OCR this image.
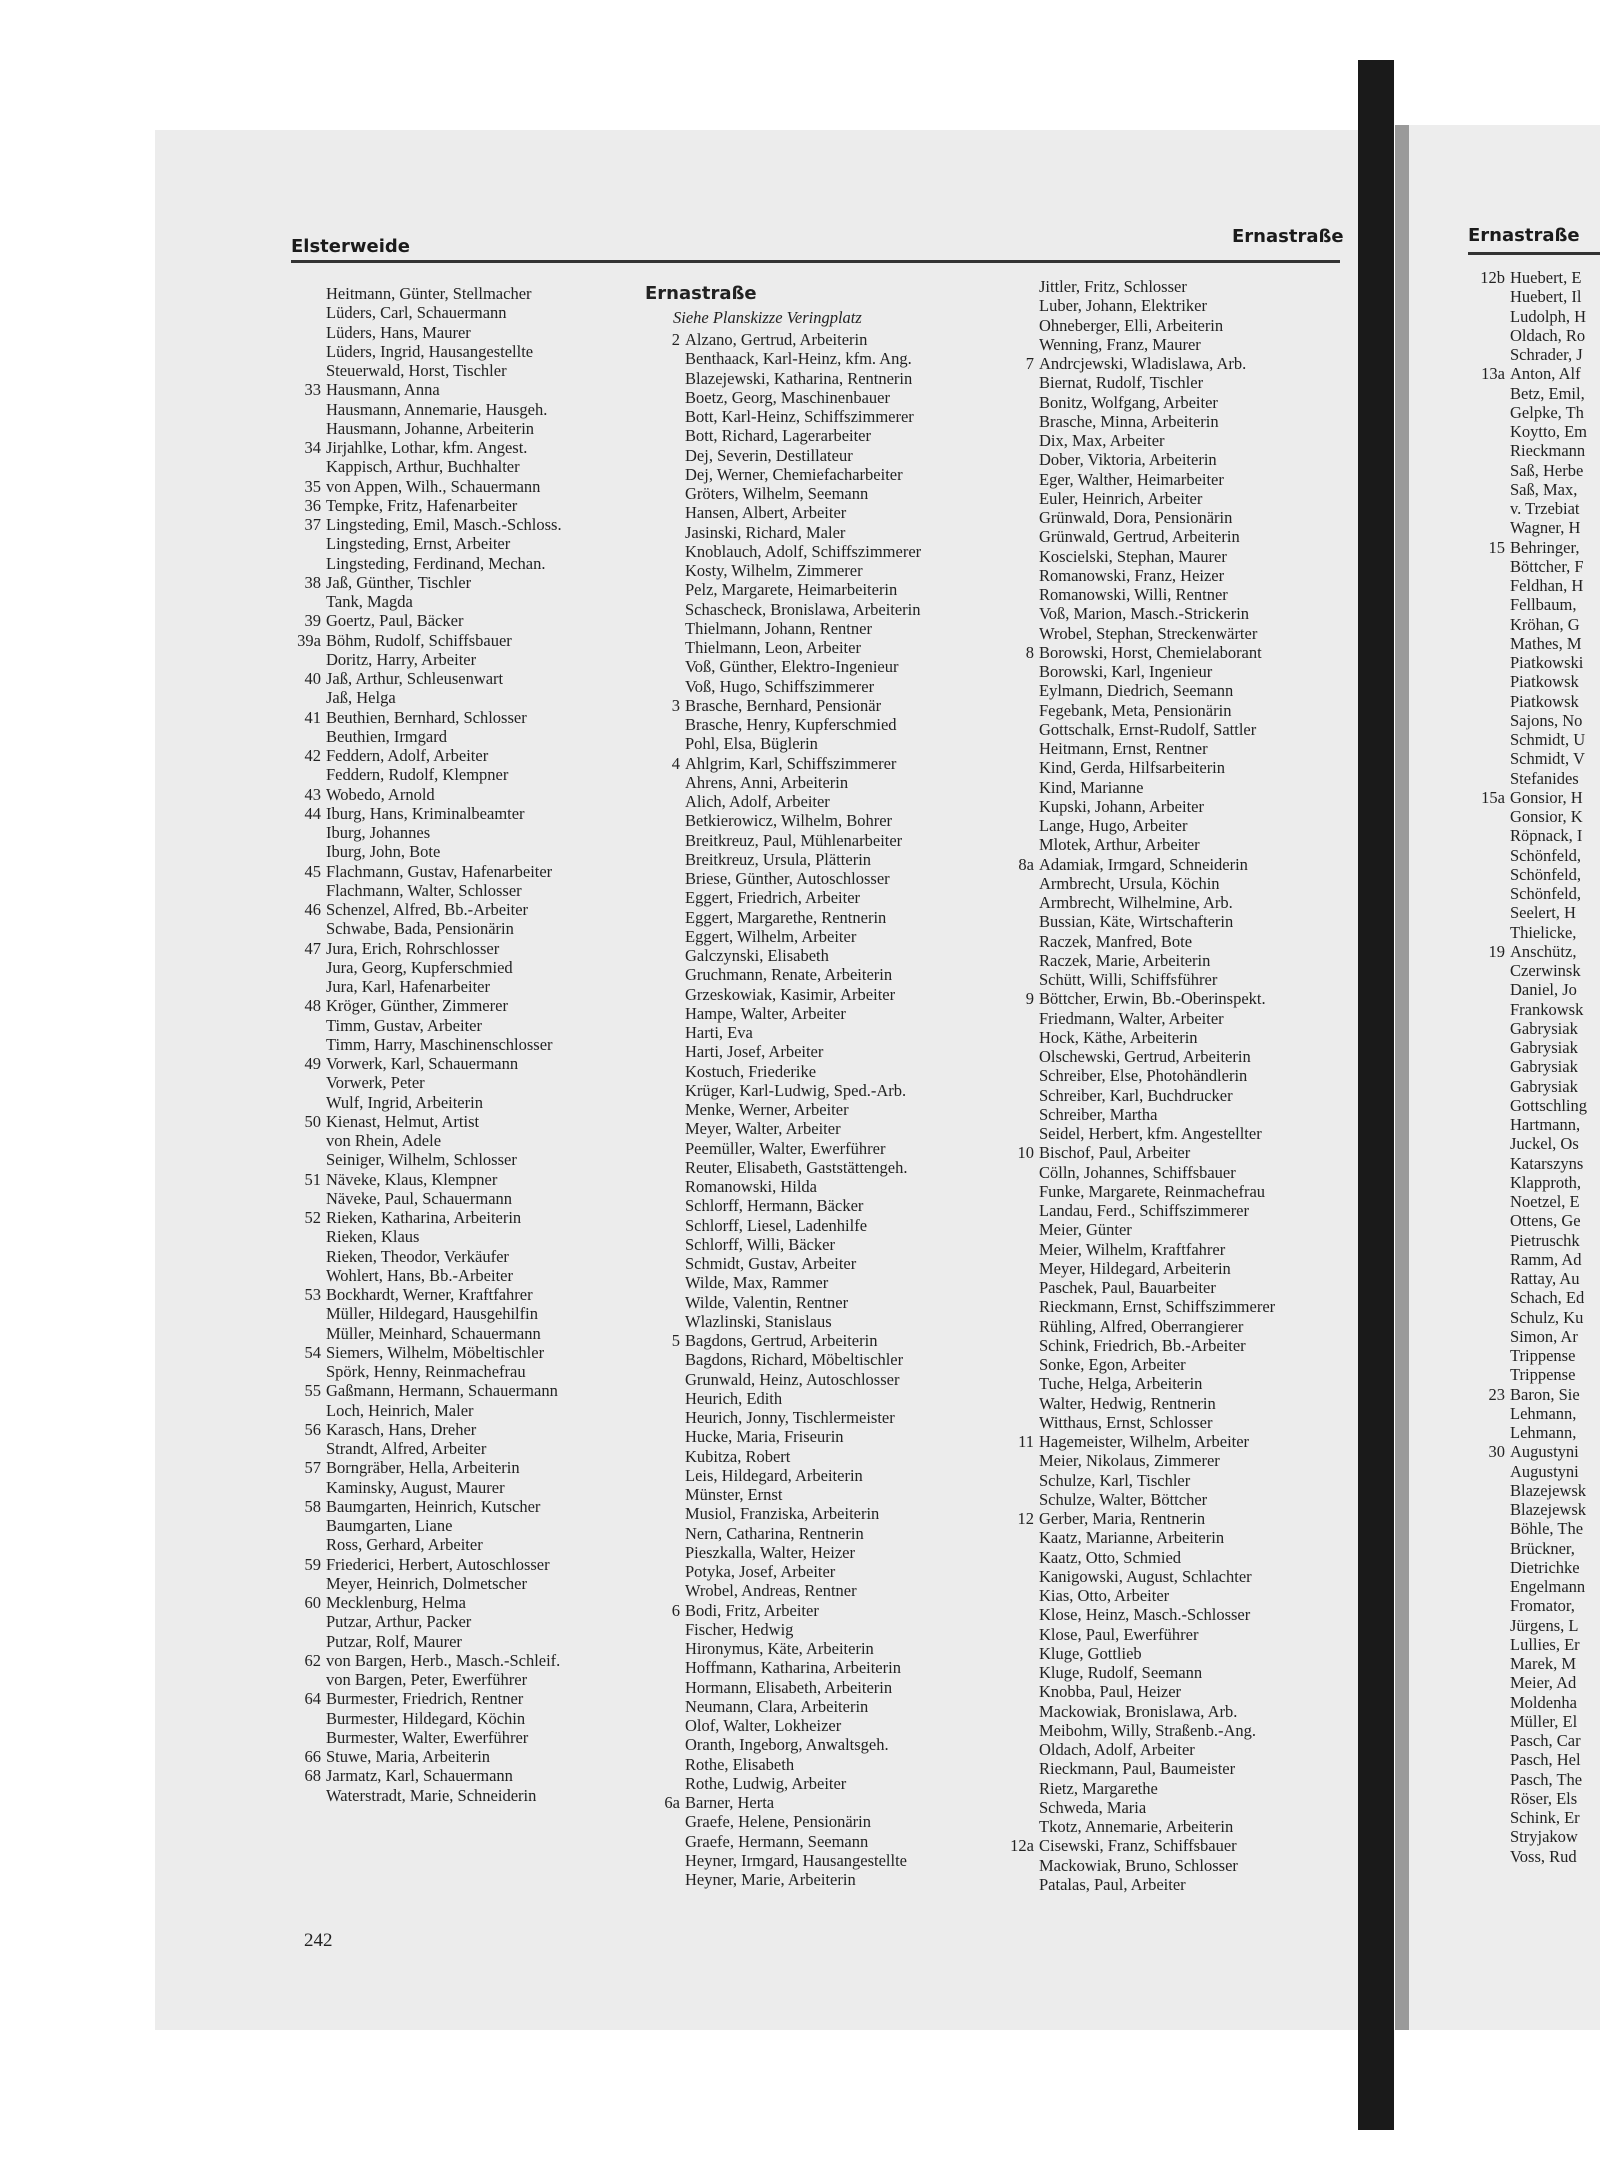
Ernastraße
12b Huebert, E
Huebert, Il
Ludolph, H
Oldach, Ro
Schrader, J
13a Anton, Alf
Betz, Emil,
Gelpke, Th
Koytto, Em
Rieckmann
Saß, Herbe
Saß, Max,
v. Trzebiat
Wagner, H
15 Behringer,
Böttcher, F
Feldhan, H
Fellbaum,
Kröhan, G
Mathes, M
Piatkowski
Piatkowsk
Piatkowsk
Sajons, No
Schmidt, U
Schmidt, V
Stefanides
15a Gonsior, H
Gonsior, K
Röpnack, I
Schönfeld,
Schönfeld,
Schönfeld,
Seelert, H
Thielicke,
19 Anschütz,
Czerwinsk
Daniel, Jo
Frankowsk
Gabrysiak
Gabrysiak
Gabrysiak
Gabrysiak
Gottschling
Hartmann,
Juckel, Os
Katarszyns
Klapproth,
Noetzel, E
Ottens, Ge
Pietruschk
Ramm, Ad
Rattay, Au
Schach, Ed
Schulz, Ku
Simon, Ar
Trippense
Trippense
23 Baron, Sie
Lehmann,
Lehmann,
30 Augustyni
Augustyni
Blazejewsk
Blazejewsk
Böhle, The
Brückner,
Dietrichke
Engelmann
Fromator,
Jürgens, L
Lullies, Er
Marek, M
Meier, Ad
Moldenha
Müller, El
Pasch, Car
Pasch, Hel
Pasch, The
Röser, Els
Schink, Er
Stryjakow
Voss, Rud
Elsterweide	Ernastraße
Heitmann, Günter, Stellmacher
Lüders, Carl, Schauermann
Lüders, Hans, Maurer
Lüders, Ingrid, Hausangestellte
Steuerwald, Horst, Tischler
33 Hausmann, Anna
Hausmann, Annemarie, Hausgeh.
Hausmann, Johanne, Arbeiterin
34 Jirjahlke, Lothar, kfm. Angest.
Kappisch, Arthur, Buchhalter
35 von Appen, Wilh., Schauermann
36 Tempke, Fritz, Hafenarbeiter
37 Lingsteding, Emil, Masch.-Schloss.
Lingsteding, Ernst, Arbeiter
Lingsteding, Ferdinand, Mechan.
38 Jaß, Günther, Tischler
Tank, Magda
39 Goertz, Paul, Bäcker
39a Böhm, Rudolf, Schiffsbauer
Doritz, Harry, Arbeiter
40 Jaß, Arthur, Schleusenwart
Jaß, Helga
41 Beuthien, Bernhard, Schlosser
Beuthien, Irmgard
42 Feddern, Adolf, Arbeiter
Feddern, Rudolf, Klempner
43 Wobedo, Arnold
44 Iburg, Hans, Kriminalbeamter
Iburg, Johannes
Iburg, John, Bote
45 Flachmann, Gustav, Hafenarbeiter
Flachmann, Walter, Schlosser
46 Schenzel, Alfred, Bb.-Arbeiter
Schwabe, Bada, Pensionärin
47 Jura, Erich, Rohrschlosser
Jura, Georg, Kupferschmied
Jura, Karl, Hafenarbeiter
48 Kröger, Günther, Zimmerer
Timm, Gustav, Arbeiter
Timm, Harry, Maschinenschlosser
49 Vorwerk, Karl, Schauermann
Vorwerk, Peter
Wulf, Ingrid, Arbeiterin
50 Kienast, Helmut, Artist
von Rhein, Adele
Seiniger, Wilhelm, Schlosser
51 Näveke, Klaus, Klempner
Näveke, Paul, Schauermann
52 Rieken, Katharina, Arbeiterin
Rieken, Klaus
Rieken, Theodor, Verkäufer
Wohlert, Hans, Bb.-Arbeiter
53 Bockhardt, Werner, Kraftfahrer
Müller, Hildegard, Hausgehilfin
Müller, Meinhard, Schauermann
54 Siemers, Wilhelm, Möbeltischler
Spörk, Henny, Reinmachefrau
55 Gaßmann, Hermann, Schauermann
Loch, Heinrich, Maler
56 Karasch, Hans, Dreher
Strandt, Alfred, Arbeiter
57 Borngräber, Hella, Arbeiterin
Kaminsky, August, Maurer
58 Baumgarten, Heinrich, Kutscher
Baumgarten, Liane
Ross, Gerhard, Arbeiter
59 Friederici, Herbert, Autoschlosser
Meyer, Heinrich, Dolmetscher
60 Mecklenburg, Helma
Putzar, Arthur, Packer
Putzar, Rolf, Maurer
62 von Bargen, Herb., Masch.-Schleif.
von Bargen, Peter, Ewerführer
64 Burmester, Friedrich, Rentner
Burmester, Hildegard, Köchin
Burmester, Walter, Ewerführer
66 Stuwe, Maria, Arbeiterin
68 Jarmatz, Karl, Schauermann
Waterstradt, Marie, Schneiderin
Ernastraße
Siehe Planskizze Veringplatz
2 Alzano, Gertrud, Arbeiterin
Benthaack, Karl-Heinz, kfm. Ang.
Blazejewski, Katharina, Rentnerin
Boetz, Georg, Maschinenbauer
Bott, Karl-Heinz, Schiffszimmerer
Bott, Richard, Lagerarbeiter
Dej, Severin, Destillateur
Dej, Werner, Chemiefacharbeiter
Gröters, Wilhelm, Seemann
Hansen, Albert, Arbeiter
Jasinski, Richard, Maler
Knoblauch, Adolf, Schiffszimmerer
Kosty, Wilhelm, Zimmerer
Pelz, Margarete, Heimarbeiterin
Schascheck, Bronislawa, Arbeiterin
Thielmann, Johann, Rentner
Thielmann, Leon, Arbeiter
Voß, Günther, Elektro-Ingenieur
Voß, Hugo, Schiffszimmerer
3 Brasche, Bernhard, Pensionär
Brasche, Henry, Kupferschmied
Pohl, Elsa, Büglerin
4 Ahlgrim, Karl, Schiffszimmerer
Ahrens, Anni, Arbeiterin
Alich, Adolf, Arbeiter
Betkierowicz, Wilhelm, Bohrer
Breitkreuz, Paul, Mühlenarbeiter
Breitkreuz, Ursula, Plätterin
Briese, Günther, Autoschlosser
Eggert, Friedrich, Arbeiter
Eggert, Margarethe, Rentnerin
Eggert, Wilhelm, Arbeiter
Galczynski, Elisabeth
Gruchmann, Renate, Arbeiterin
Grzeskowiak, Kasimir, Arbeiter
Hampe, Walter, Arbeiter
Harti, Eva
Harti, Josef, Arbeiter
Kostuch, Friederike
Krüger, Karl-Ludwig, Sped.-Arb.
Menke, Werner, Arbeiter
Meyer, Walter, Arbeiter
Peemüller, Walter, Ewerführer
Reuter, Elisabeth, Gaststättengeh.
Romanowski, Hilda
Schlorff, Hermann, Bäcker
Schlorff, Liesel, Ladenhilfe
Schlorff, Willi, Bäcker
Schmidt, Gustav, Arbeiter
Wilde, Max, Rammer
Wilde, Valentin, Rentner
Wlazlinski, Stanislaus
5 Bagdons, Gertrud, Arbeiterin
Bagdons, Richard, Möbeltischler
Grunwald, Heinz, Autoschlosser
Heurich, Edith
Heurich, Jonny, Tischlermeister
Hucke, Maria, Friseurin
Kubitza, Robert
Leis, Hildegard, Arbeiterin
Münster, Ernst
Musiol, Franziska, Arbeiterin
Nern, Catharina, Rentnerin
Pieszkalla, Walter, Heizer
Potyka, Josef, Arbeiter
Wrobel, Andreas, Rentner
6 Bodi, Fritz, Arbeiter
Fischer, Hedwig
Hironymus, Käte, Arbeiterin
Hoffmann, Katharina, Arbeiterin
Hormann, Elisabeth, Arbeiterin
Neumann, Clara, Arbeiterin
Olof, Walter, Lokheizer
Oranth, Ingeborg, Anwaltsgeh.
Rothe, Elisabeth
Rothe, Ludwig, Arbeiter
6a Barner, Herta
Graefe, Helene, Pensionärin
Graefe, Hermann, Seemann
Heyner, Irmgard, Hausangestellte
Heyner, Marie, Arbeiterin
Jittler, Fritz, Schlosser
Luber, Johann, Elektriker
Ohneberger, Elli, Arbeiterin
Wenning, Franz, Maurer
7 Andrcjewski, Wladislawa, Arb.
Biernat, Rudolf, Tischler
Bonitz, Wolfgang, Arbeiter
Brasche, Minna, Arbeiterin
Dix, Max, Arbeiter
Dober, Viktoria, Arbeiterin
Eger, Walther, Heimarbeiter
Euler, Heinrich, Arbeiter
Grünwald, Dora, Pensionärin
Grünwald, Gertrud, Arbeiterin
Koscielski, Stephan, Maurer
Romanowski, Franz, Heizer
Romanowski, Willi, Rentner
Voß, Marion, Masch.-Strickerin
Wrobel, Stephan, Streckenwärter
8 Borowski, Horst, Chemielaborant
Borowski, Karl, Ingenieur
Eylmann, Diedrich, Seemann
Fegebank, Meta, Pensionärin
Gottschalk, Ernst-Rudolf, Sattler
Heitmann, Ernst, Rentner
Kind, Gerda, Hilfsarbeiterin
Kind, Marianne
Kupski, Johann, Arbeiter
Lange, Hugo, Arbeiter
Mlotek, Arthur, Arbeiter
8a Adamiak, Irmgard, Schneiderin
Armbrecht, Ursula, Köchin
Armbrecht, Wilhelmine, Arb.
Bussian, Käte, Wirtschafterin
Raczek, Manfred, Bote
Raczek, Marie, Arbeiterin
Schütt, Willi, Schiffsführer
9 Böttcher, Erwin, Bb.-Oberinspekt.
Friedmann, Walter, Arbeiter
Hock, Käthe, Arbeiterin
Olschewski, Gertrud, Arbeiterin
Schreiber, Else, Photohändlerin
Schreiber, Karl, Buchdrucker
Schreiber, Martha
Seidel, Herbert, kfm. Angestellter
10 Bischof, Paul, Arbeiter
Cölln, Johannes, Schiffsbauer
Funke, Margarete, Reinmachefrau
Landau, Ferd., Schiffszimmerer
Meier, Günter
Meier, Wilhelm, Kraftfahrer
Meyer, Hildegard, Arbeiterin
Paschek, Paul, Bauarbeiter
Rieckmann, Ernst, Schiffszimmerer
Rühling, Alfred, Oberrangierer
Schink, Friedrich, Bb.-Arbeiter
Sonke, Egon, Arbeiter
Tuche, Helga, Arbeiterin
Walter, Hedwig, Rentnerin
Witthaus, Ernst, Schlosser
11 Hagemeister, Wilhelm, Arbeiter
Meier, Nikolaus, Zimmerer
Schulze, Karl, Tischler
Schulze, Walter, Böttcher
12 Gerber, Maria, Rentnerin
Kaatz, Marianne, Arbeiterin
Kaatz, Otto, Schmied
Kanigowski, August, Schlachter
Kias, Otto, Arbeiter
Klose, Heinz, Masch.-Schlosser
Klose, Paul, Ewerführer
Kluge, Gottlieb
Kluge, Rudolf, Seemann
Knobba, Paul, Heizer
Mackowiak, Bronislawa, Arb.
Meibohm, Willy, Straßenb.-Ang.
Oldach, Adolf, Arbeiter
Rieckmann, Paul, Baumeister
Rietz, Margarethe
Schweda, Maria
Tkotz, Annemarie, Arbeiterin
12a Cisewski, Franz, Schiffsbauer
Mackowiak, Bruno, Schlosser
Patalas, Paul, Arbeiter
242
